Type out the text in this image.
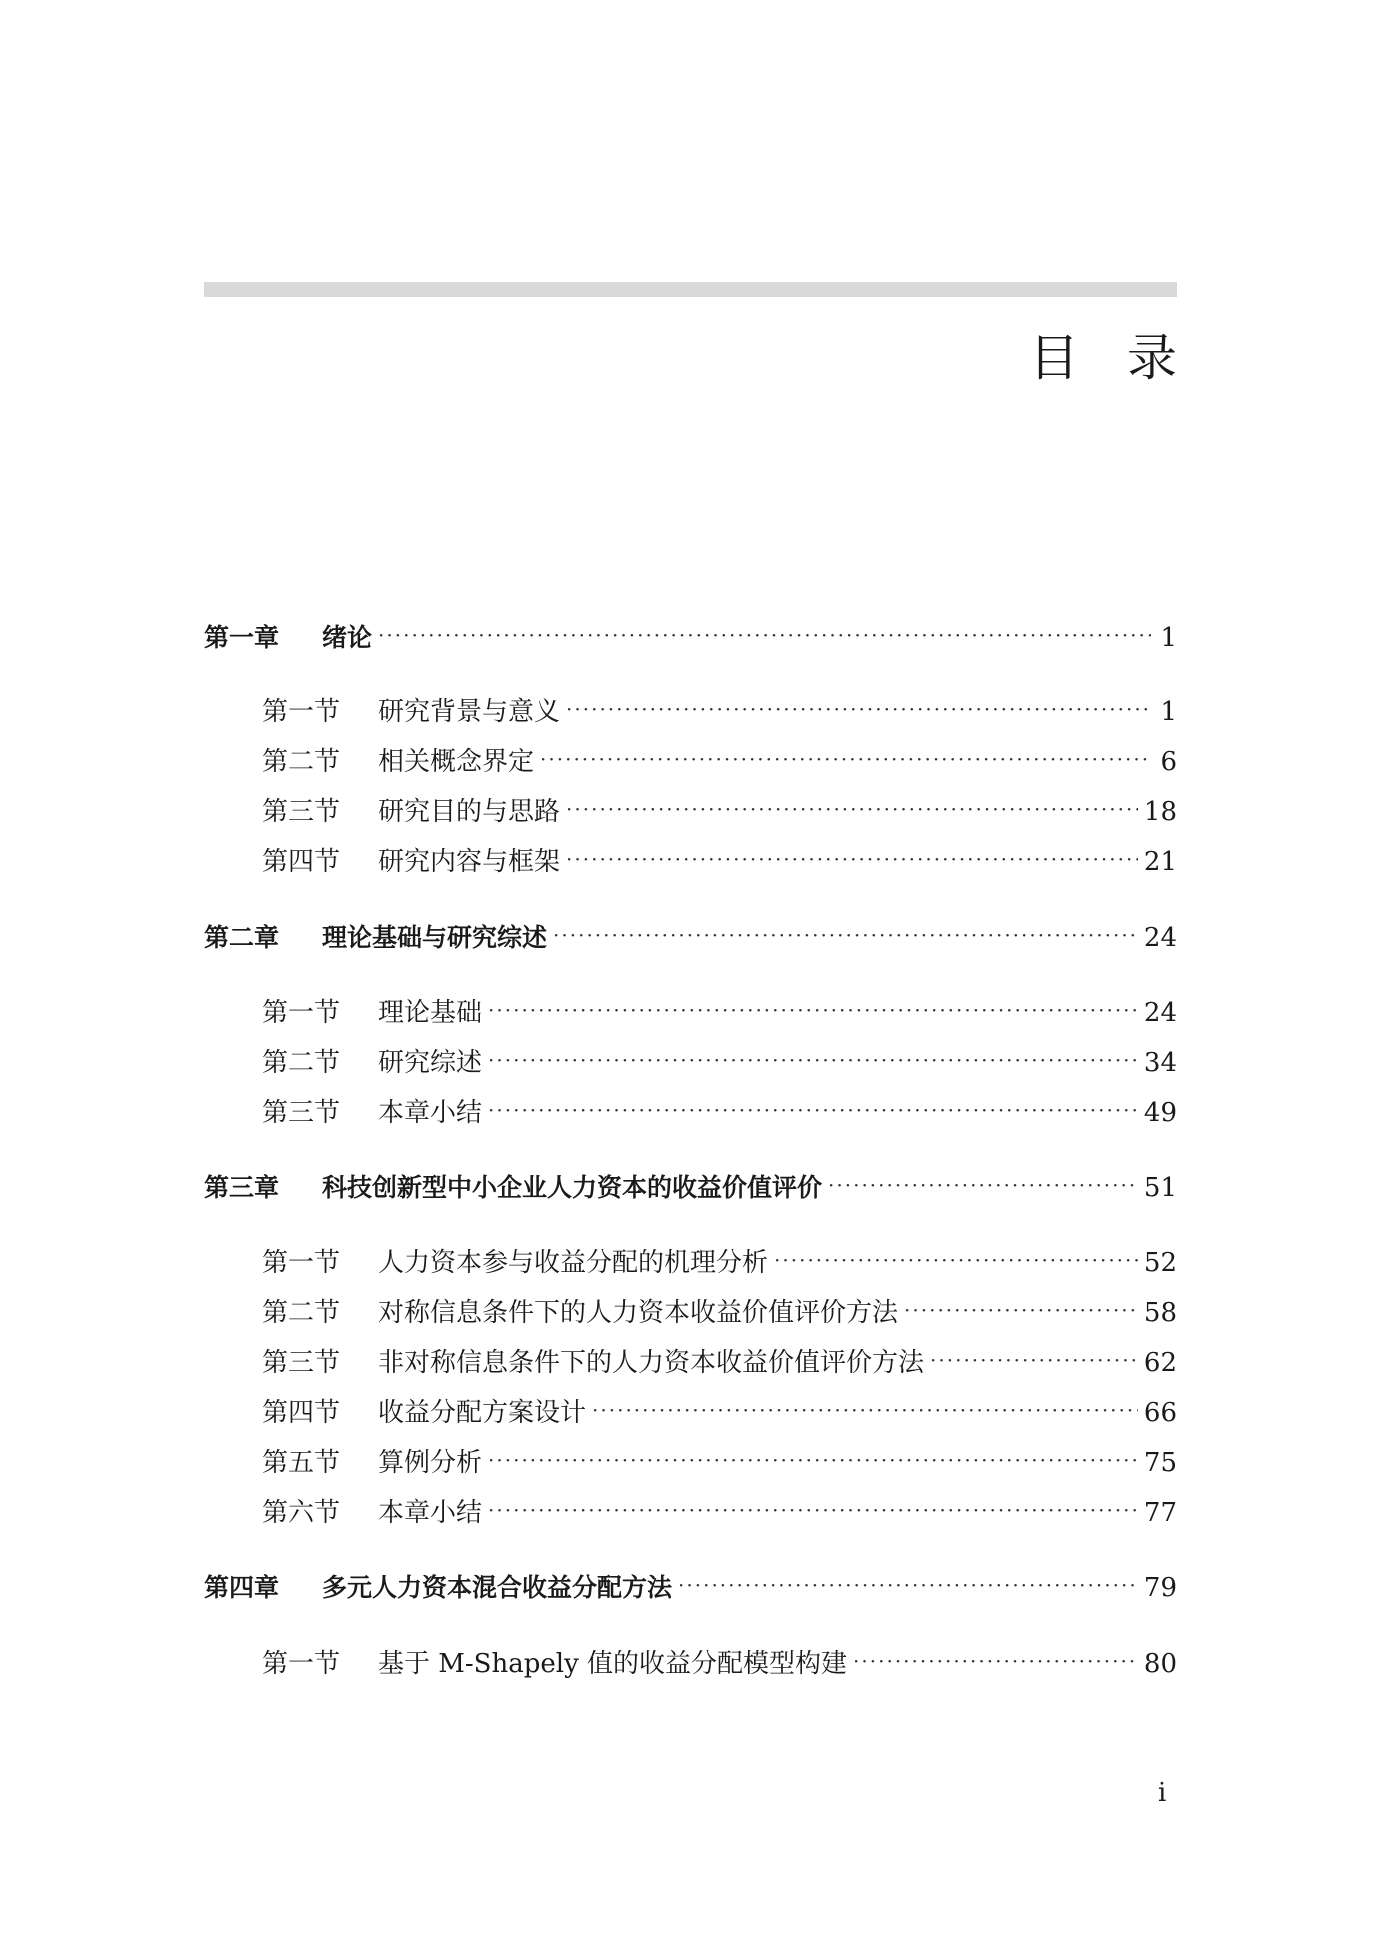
目录
第一章	绪论 ·····	1
第一节	研究背景与意义 ·····	1
第二节	相关概念界定 ·····	6
第三节	研究目的与思路 ·····	18
第四节	研究内容与框架 ·····	21
第二章	理论基础与研究综述 ·····	24
第一节	理论基础 ·····	24
第二节	研究综述 ·····	34
第三节	本章小结 ·····	49
第三章	科技创新型中小企业人力资本的收益价值评价 ·····	51
第一节	人力资本参与收益分配的机理分析 ·····	52
第二节	对称信息条件下的人力资本收益价值评价方法 ·····	58
第三节	非对称信息条件下的人力资本收益价值评价方法 ·····	62
第四节	收益分配方案设计 ·····	66
第五节	算例分析 ·····	75
第六节	本章小结 ·····	77
第四章	多元人力资本混合收益分配方法 ·····	79
第一节	基于 M-Shapely 值的收益分配模型构建 ·····	80
i
